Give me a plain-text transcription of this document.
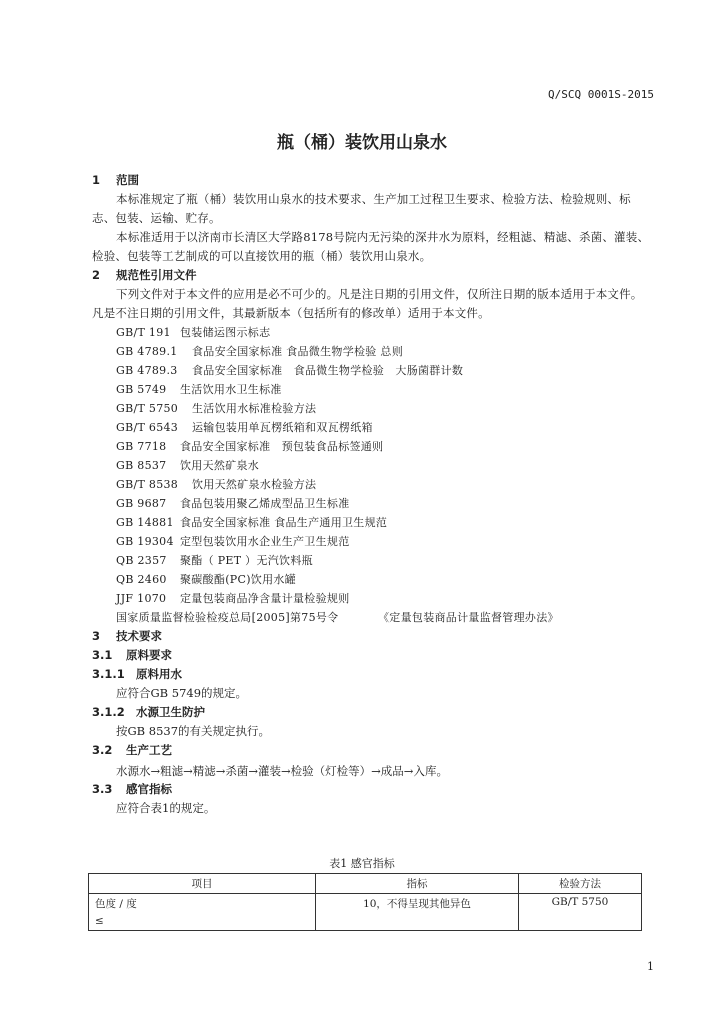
Q/SCQ 0001S-2015
瓶（桶）装饮用山泉水
1 范围
本标准规定了瓶（桶）装饮用山泉水的技术要求、生产加工过程卫生要求、检验方法、检验规则、标志、包装、运输、贮存。
本标准适用于以济南市长清区大学路8178号院内无污染的深井水为原料，经粗滤、精滤、杀菌、灌装、检验、包装等工艺制成的可以直接饮用的瓶（桶）装饮用山泉水。
2 规范性引用文件
下列文件对于本文件的应用是必不可少的。凡是注日期的引用文件，仅所注日期的版本适用于本文件。凡是不注日期的引用文件，其最新版本（包括所有的修改单）适用于本文件。
GB/T 191 包装储运图示标志
GB 4789.1 食品安全国家标准 食品微生物学检验 总则
GB 4789.3 食品安全国家标准　食品微生物学检验　大肠菌群计数
GB 5749 生活饮用水卫生标准
GB/T 5750 生活饮用水标准检验方法
GB/T 6543 运输包装用单瓦楞纸箱和双瓦楞纸箱
GB 7718 食品安全国家标准　预包装食品标签通则
GB 8537 饮用天然矿泉水
GB/T 8538 饮用天然矿泉水检验方法
GB 9687 食品包装用聚乙烯成型品卫生标准
GB 14881 食品安全国家标准 食品生产通用卫生规范
GB 19304 定型包装饮用水企业生产卫生规范
QB 2357 聚酯（ PET ）无汽饮料瓶
QB 2460 聚碳酸酯(PC)饮用水罐
JJF 1070 定量包装商品净含量计量检验规则
国家质量监督检验检疫总局[2005]第75号令	《定量包装商品计量监督管理办法》
3 技术要求
3.1 原料要求
3.1.1 原料用水
应符合GB 5749的规定。
3.1.2 水源卫生防护
按GB 8537的有关规定执行。
3.2 生产工艺
水源水→粗滤→精滤→杀菌→灌装→检验（灯检等）→成品→入库。
3.3 感官指标
应符合表1的规定。
表1 感官指标
项目	指标	检验方法

色度 / 度
≤	10，不得呈现其他异色	GB/T 5750
1
